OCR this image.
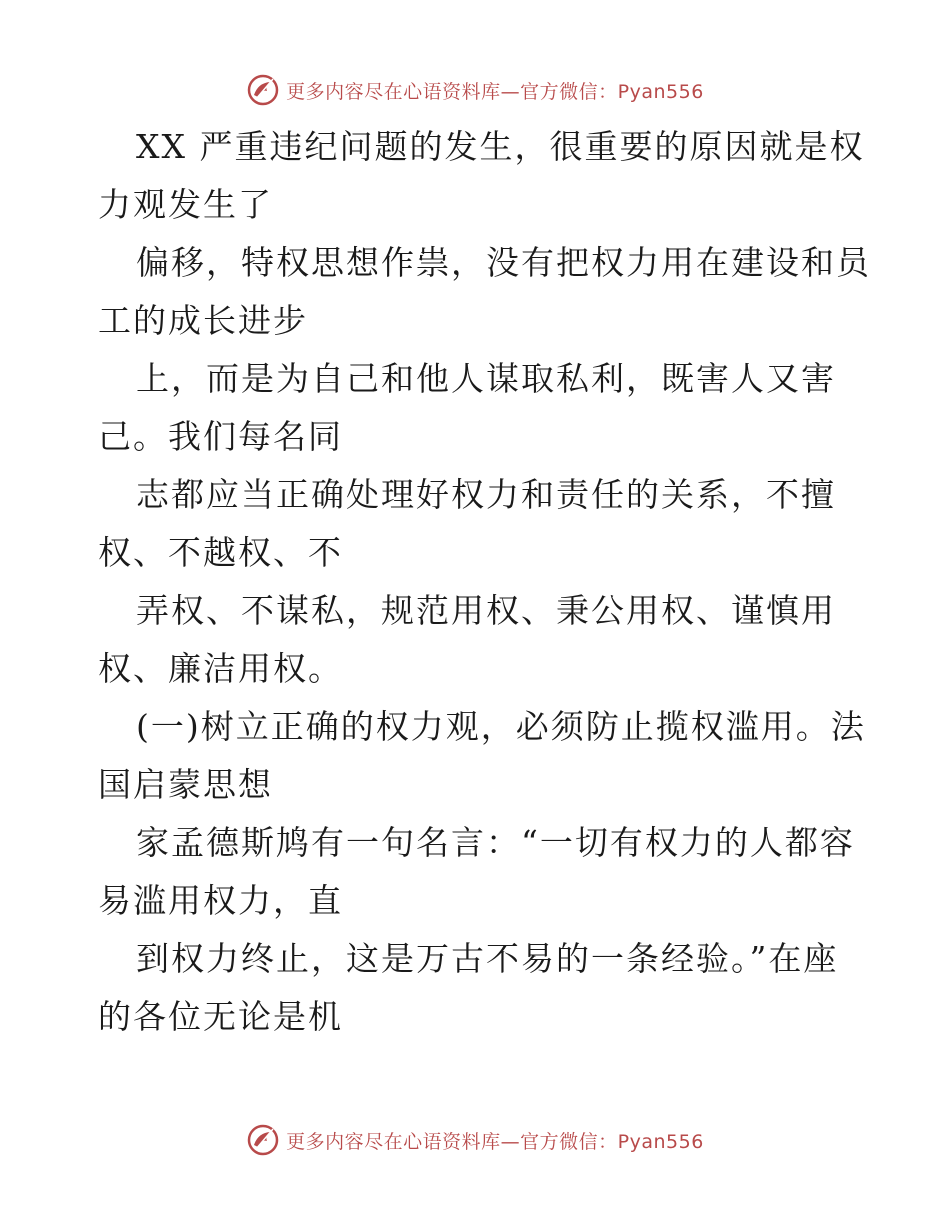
更多内容尽在心语资料库—官方微信：Pyan556
XX 严重违纪问题的发生，很重要的原因就是权
力观发生了
偏移，特权思想作祟，没有把权力用在建设和员
工的成长进步
上，而是为自己和他人谋取私利，既害人又害
己。我们每名同
志都应当正确处理好权力和责任的关系，不擅
权、不越权、不
弄权、不谋私，规范用权、秉公用权、谨慎用
权、廉洁用权。
(一)树立正确的权力观，必须防止揽权滥用。法
国启蒙思想
家孟德斯鸠有一句名言：“一切有权力的人都容
易滥用权力，直
到权力终止，这是万古不易的一条经验。”在座
的各位无论是机
更多内容尽在心语资料库—官方微信：Pyan556
